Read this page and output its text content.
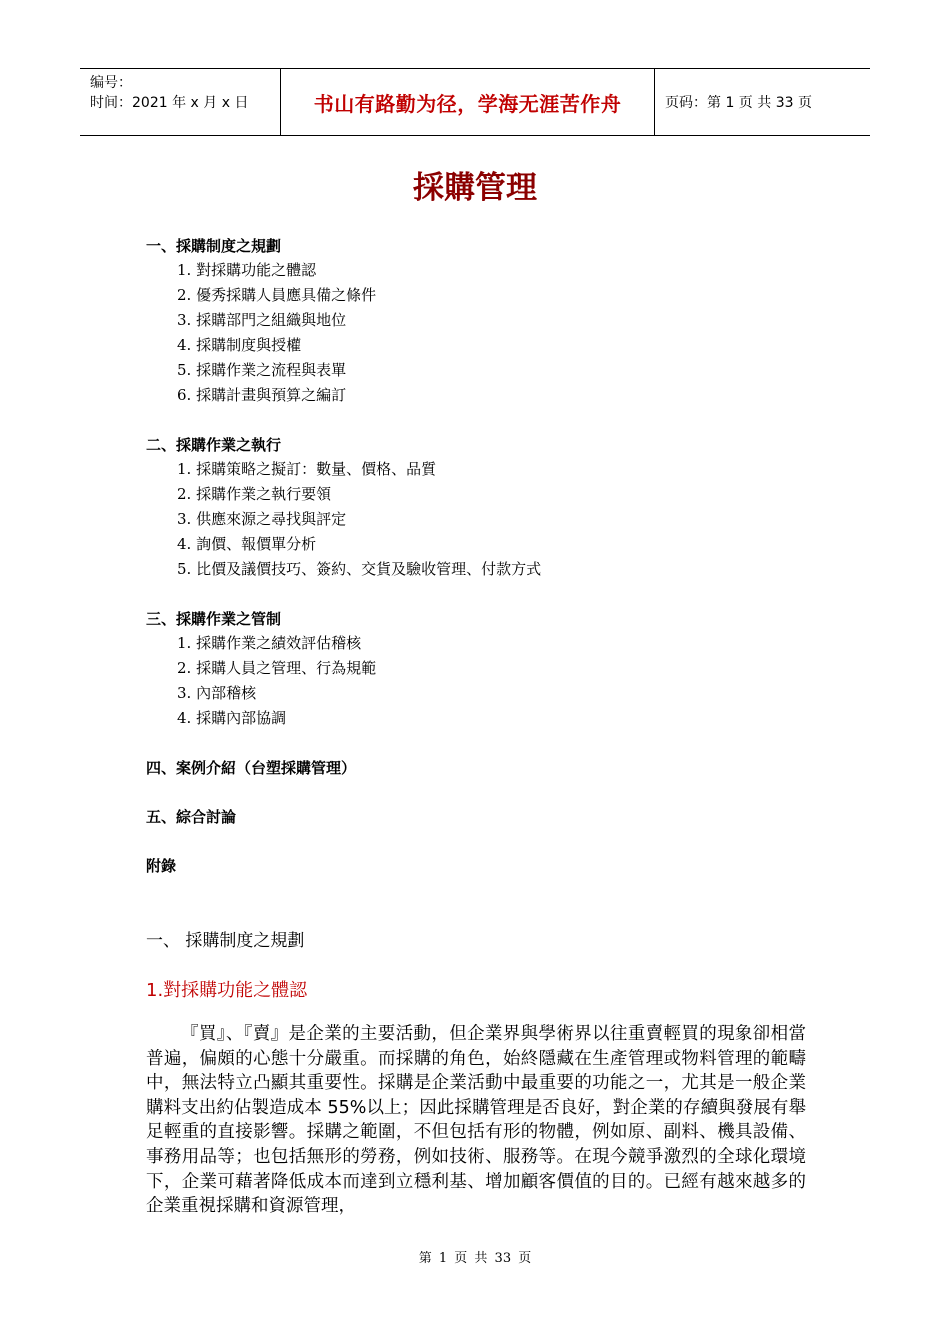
编号：
时间：2021 年 x 月 x 日	书山有路勤为径，学海无涯苦作舟	页码：第 1 页 共 33 页
採購管理
一、採購制度之規劃
1. 對採購功能之體認
2. 優秀採購人員應具備之條件
3. 採購部門之組織與地位
4. 採購制度與授權
5. 採購作業之流程與表單
6. 採購計畫與預算之編訂
二、採購作業之執行
1. 採購策略之擬訂：數量、價格、品質
2. 採購作業之執行要領
3. 供應來源之尋找與評定
4. 詢價、報價單分析
5. 比價及議價技巧、簽約、交貨及驗收管理、付款方式
三、採購作業之管制
1. 採購作業之績效評估稽核
2. 採購人員之管理、行為規範
3. 內部稽核
4. 採購內部協調
四、案例介紹（台塑採購管理）
五、綜合討論
附錄
一、 採購制度之規劃
1.對採購功能之體認

『買』、『賣』是企業的主要活動，但企業界與學術界以往重賣輕買的現象卻相當普遍，偏頗的心態十分嚴重。而採購的角色，始終隱藏在生產管理或物料管理的範疇中，無法特立凸顯其重要性。採購是企業活動中最重要的功能之一，尤其是一般企業購料支出約佔製造成本 55%以上；因此採購管理是否良好，對企業的存續與發展有舉足輕重的直接影響。採購之範圍，不但包括有形的物體，例如原、副料、機具設備、事務用品等；也包括無形的勞務，例如技術、服務等。在現今競爭激烈的全球化環境下，企業可藉著降低成本而達到立穩利基、增加顧客價值的目的。已經有越來越多的企業重視採購和資源管理，

第 1 页 共 33 页
